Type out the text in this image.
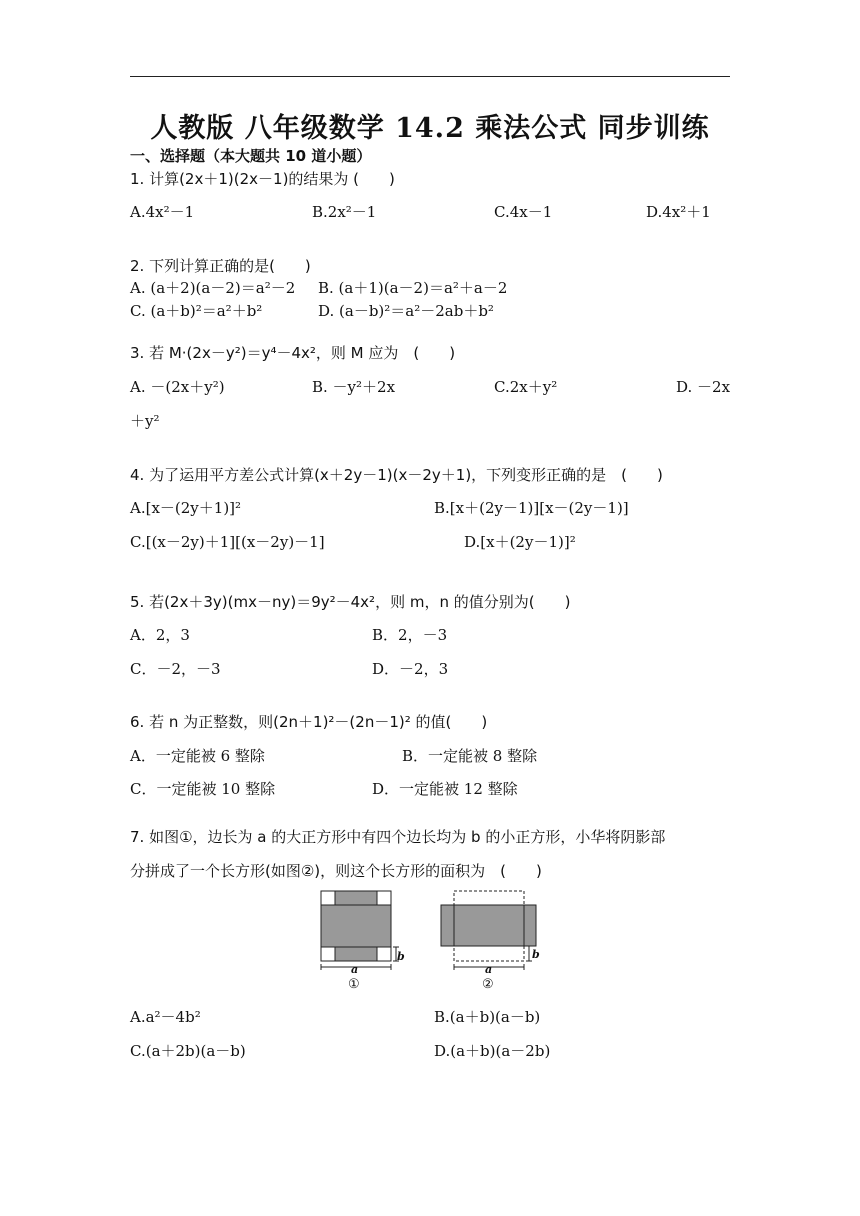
人教版 八年级数学 14.2 乘法公式 同步训练
一、选择题（本大题共 10 道小题）
1. 计算(2x＋1)(2x－1)的结果为 (　　)
A.4x²－1	B.2x²－1	C.4x－1	D.4x²＋1
2. 下列计算正确的是(　　)
A. (a＋2)(a－2)＝a²－2 B. (a＋1)(a－2)＝a²＋a－2
C. (a＋b)²＝a²＋b²	D. (a－b)²＝a²－2ab＋b²
3. 若 M·(2x－y²)＝y⁴－4x²，则 M 应为　(　　)
A. －(2x＋y²)	B. －y²＋2x	C.2x＋y²	D. －2x
＋y²
4. 为了运用平方差公式计算(x＋2y－1)(x－2y＋1)，下列变形正确的是　(　　)
A.[x－(2y＋1)]²	B.[x＋(2y－1)][x－(2y－1)]
C.[(x－2y)＋1][(x－2y)－1]	D.[x＋(2y－1)]²
5. 若(2x＋3y)(mx－ny)＝9y²－4x²，则 m，n 的值分别为(　　)
A．2，3	B．2，－3
C．－2，－3	D．－2，3
6. 若 n 为正整数，则(2n＋1)²－(2n－1)² 的值(　　)
A．一定能被 6 整除	B．一定能被 8 整除
C．一定能被 10 整除	D．一定能被 12 整除
7. 如图①，边长为 a 的大正方形中有四个边长均为 b 的小正方形，小华将阴影部
分拼成了一个长方形(如图②)，则这个长方形的面积为　(　　)
b
a
①
b
a
②
A.a²－4b²	B.(a＋b)(a－b)
C.(a＋2b)(a－b)	D.(a＋b)(a－2b)
